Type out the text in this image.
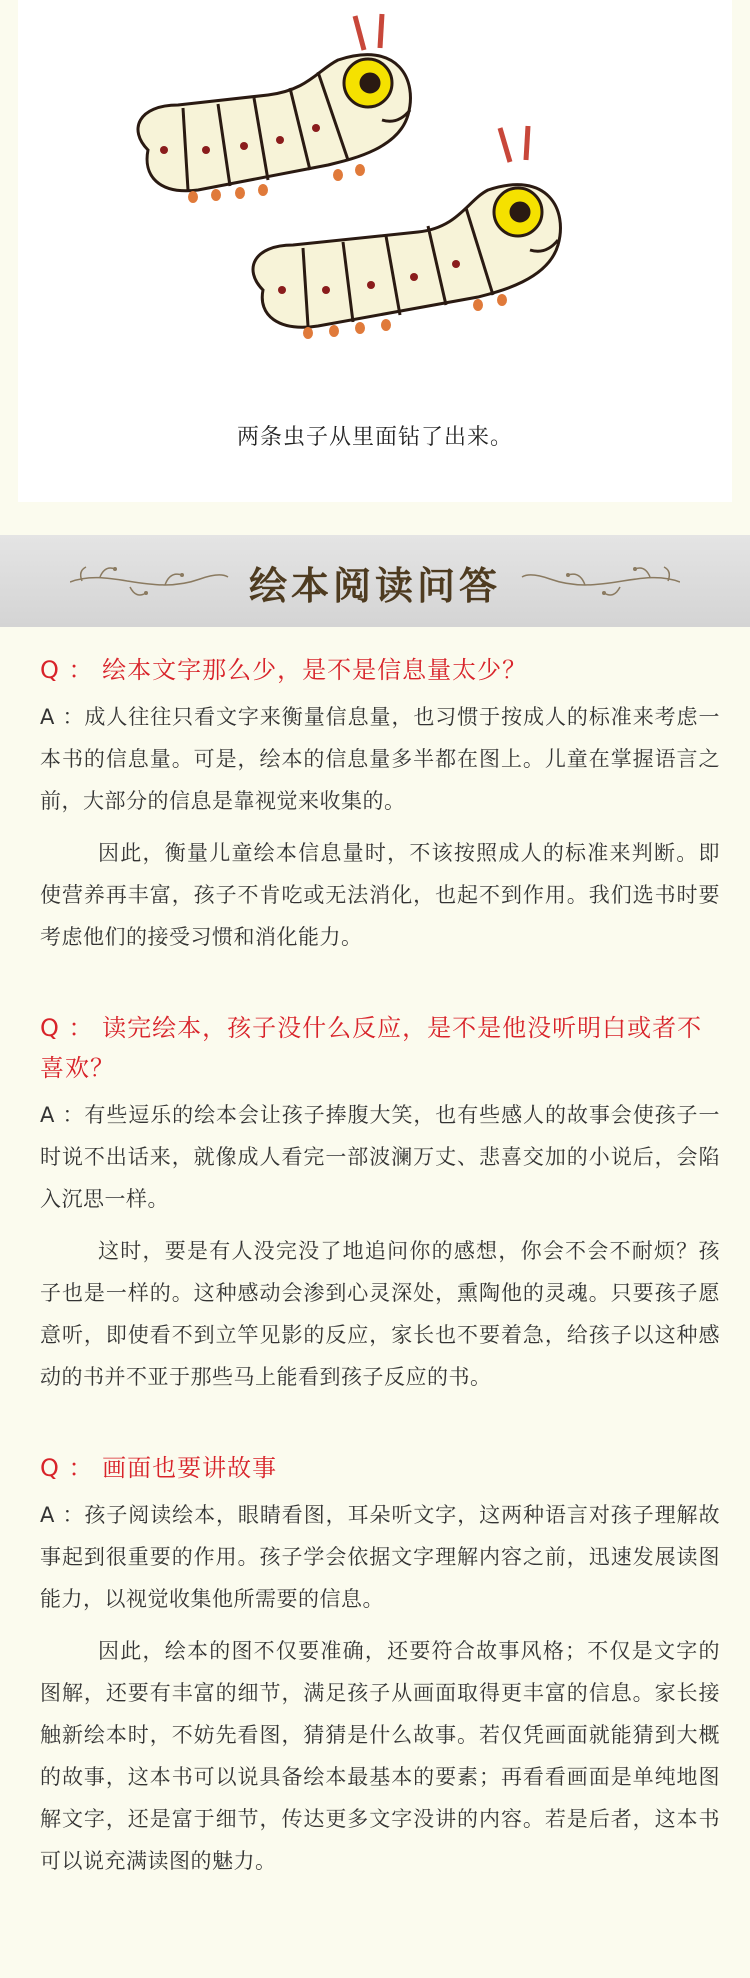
两条虫子从里面钻了出来。
绘本阅读问答

Q ： 绘本文字那么少，是不是信息量太少？

A ：成人往往只看文字来衡量信息量，也习惯于按成人的标准来考虑一本书的信息量。可是，绘本的信息量多半都在图上。儿童在掌握语言之前，大部分的信息是靠视觉来收集的。

因此，衡量儿童绘本信息量时，不该按照成人的标准来判断。即使营养再丰富，孩子不肯吃或无法消化，也起不到作用。我们选书时要考虑他们的接受习惯和消化能力。

Q ： 读完绘本，孩子没什么反应，是不是他没听明白或者不喜欢？

A ：有些逗乐的绘本会让孩子捧腹大笑，也有些感人的故事会使孩子一时说不出话来，就像成人看完一部波澜万丈、悲喜交加的小说后，会陷入沉思一样。

这时，要是有人没完没了地追问你的感想，你会不会不耐烦？孩子也是一样的。这种感动会渗到心灵深处，熏陶他的灵魂。只要孩子愿意听，即使看不到立竿见影的反应，家长也不要着急，给孩子以这种感动的书并不亚于那些马上能看到孩子反应的书。

Q ： 画面也要讲故事

A ：孩子阅读绘本，眼睛看图，耳朵听文字，这两种语言对孩子理解故事起到很重要的作用。孩子学会依据文字理解内容之前，迅速发展读图能力，以视觉收集他所需要的信息。

因此，绘本的图不仅要准确，还要符合故事风格；不仅是文字的图解，还要有丰富的细节，满足孩子从画面取得更丰富的信息。家长接触新绘本时，不妨先看图，猜猜是什么故事。若仅凭画面就能猜到大概的故事，这本书可以说具备绘本最基本的要素；再看看画面是单纯地图解文字，还是富于细节，传达更多文字没讲的内容。若是后者，这本书可以说充满读图的魅力。
